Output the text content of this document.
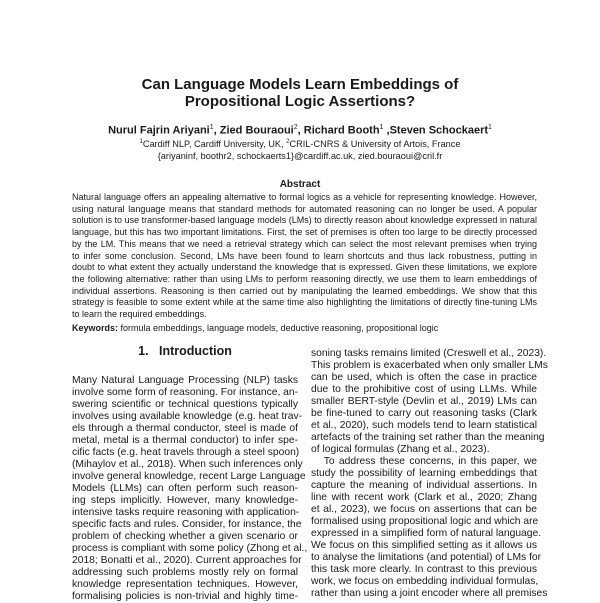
Can Language Models Learn Embeddings of
Propositional Logic Assertions?
Nurul Fajrin Ariyani$^1$, Zied Bouraoui$^2$, Richard Booth$^1$ ,Steven Schockaert$^1$
$^1$Cardiff NLP, Cardiff University, UK, $^2$CRIL-CNRS & University of Artois, France
{ariyaninf, boothr2, schockaerts1}@cardiff.ac.uk, zied.bouraoui@cril.fr
Abstract
Natural language offers an appealing alternative to formal logics as a vehicle for representing knowledge. However,
using natural language means that standard methods for automated reasoning can no longer be used. A popular
solution is to use transformer-based language models (LMs) to directly reason about knowledge expressed in natural
language, but this has two important limitations. First, the set of premises is often too large to be directly processed
by the LM. This means that we need a retrieval strategy which can select the most relevant premises when trying
to infer some conclusion. Second, LMs have been found to learn shortcuts and thus lack robustness, putting in
doubt to what extent they actually understand the knowledge that is expressed. Given these limitations, we explore
the following alternative: rather than using LMs to perform reasoning directly, we use them to learn embeddings of
individual assertions. Reasoning is then carried out by manipulating the learned embeddings. We show that this
strategy is feasible to some extent while at the same time also highlighting the limitations of directly fine-tuning LMs
to learn the required embeddings.
Keywords: formula embeddings, language models, deductive reasoning, propositional logic
1.   Introduction
Many Natural Language Processing (NLP) tasks
involve some form of reasoning. For instance, an-
swering scientific or technical questions typically
involves using available knowledge (e.g. heat trav-
els through a thermal conductor, steel is made of
metal, metal is a thermal conductor) to infer spe-
cific facts (e.g. heat travels through a steel spoon)
(Mihaylov et al., 2018). When such inferences only
involve general knowledge, recent Large Language
Models (LLMs) can often perform such reason-
ing steps implicitly. However, many knowledge-
intensive tasks require reasoning with application-
specific facts and rules. Consider, for instance, the
problem of checking whether a given scenario or
process is compliant with some policy (Zhong et al.,
2018; Bonatti et al., 2020). Current approaches for
addressing such problems mostly rely on formal
knowledge representation techniques. However,
formalising policies is non-trivial and highly time-
soning tasks remains limited (Creswell et al., 2023).
This problem is exacerbated when only smaller LMs
can be used, which is often the case in practice
due to the prohibitive cost of using LLMs. While
smaller BERT-style (Devlin et al., 2019) LMs can
be fine-tuned to carry out reasoning tasks (Clark
et al., 2020), such models tend to learn statistical
artefacts of the training set rather than the meaning
of logical formulas (Zhang et al., 2023).
To address these concerns, in this paper, we
study the possibility of learning embeddings that
capture the meaning of individual assertions. In
line with recent work (Clark et al., 2020; Zhang
et al., 2023), we focus on assertions that can be
formalised using propositional logic and which are
expressed in a simplified form of natural language.
We focus on this simplified setting as it allows us
to analyse the limitations (and potential) of LMs for
this task more clearly. In contrast to this previous
work, we focus on embedding individual formulas,
rather than using a joint encoder where all premises
